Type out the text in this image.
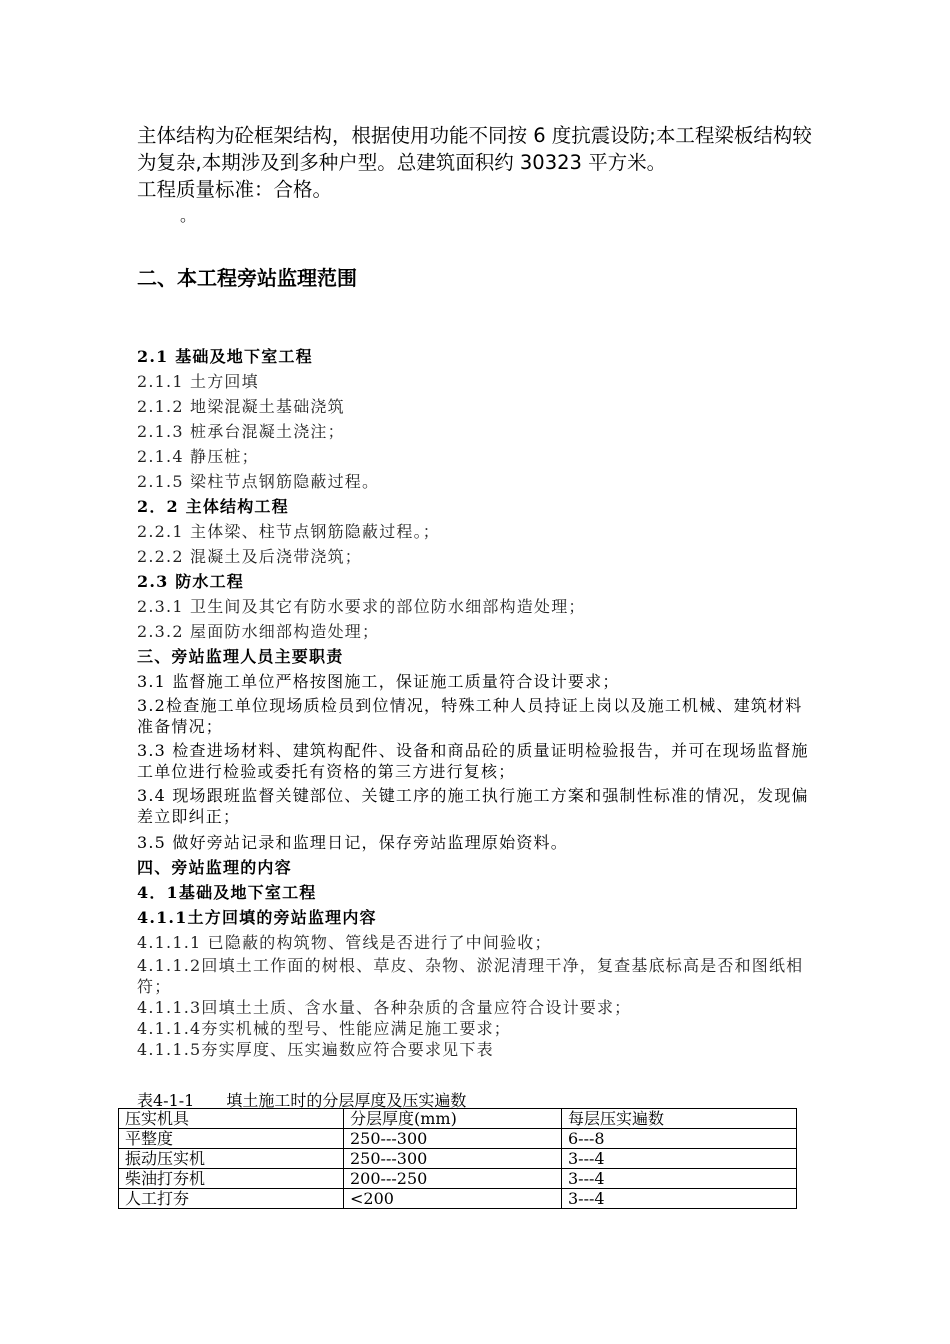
主体结构为砼框架结构，根据使用功能不同按 6 度抗震设防;本工程梁板结构较为复杂,本期涉及到多种户型。总建筑面积约 30323 平方米。

工程质量标准：合格。

。
二、本工程旁站监理范围

2.1 基础及地下室工程

2.1.1 土方回填

2.1.2 地梁混凝土基础浇筑

2.1.3 桩承台混凝土浇注；

2.1.4 静压桩；

2.1.5 梁柱节点钢筋隐蔽过程。

2．2 主体结构工程

2.2.1 主体梁、柱节点钢筋隐蔽过程。；

2.2.2 混凝土及后浇带浇筑；

2.3 防水工程

2.3.1 卫生间及其它有防水要求的部位防水细部构造处理；

2.3.2 屋面防水细部构造处理；

三、旁站监理人员主要职责

3.1 监督施工单位严格按图施工，保证施工质量符合设计要求；

3.2检查施工单位现场质检员到位情况，特殊工种人员持证上岗以及施工机械、建筑材料准备情况；

3.3 检查进场材料、建筑构配件、设备和商品砼的质量证明检验报告，并可在现场监督施工单位进行检验或委托有资格的第三方进行复核；

3.4 现场跟班监督关键部位、关键工序的施工执行施工方案和强制性标准的情况，发现偏差立即纠正；

3.5 做好旁站记录和监理日记，保存旁站监理原始资料。

四、旁站监理的内容

4．1基础及地下室工程

4.1.1土方回填的旁站监理内容

4.1.1.1 已隐蔽的构筑物、管线是否进行了中间验收；

4.1.1.2回填土工作面的树根、草皮、杂物、淤泥清理干净，复查基底标高是否和图纸相符；

4.1.1.3回填土土质、含水量、各种杂质的含量应符合设计要求；

4.1.1.4夯实机械的型号、性能应满足施工要求；

4.1.1.5夯实厚度、压实遍数应符合要求见下表

表4-1-1　　填土施工时的分层厚度及压实遍数

压实机具	分层厚度(mm)	每层压实遍数
平整度	250---300	6---8
振动压实机	250---300	3---4
柴油打夯机	200---250	3---4
人工打夯	<200	3---4
